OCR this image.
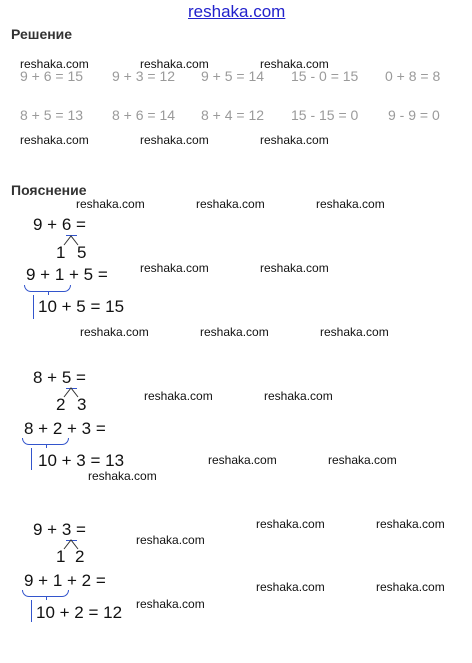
reshaka.com
Решение
reshaka.com	reshaka.com	reshaka.com
9 + 6 = 15 9 + 3 = 12 9 + 5 = 14 15 - 0 = 15 0 + 8 = 8
8 + 5 = 13 8 + 6 = 14 8 + 4 = 12 15 - 15 = 0 9 - 9 = 0
reshaka.com	reshaka.com	reshaka.com
Пояснение
reshaka.com	reshaka.com	reshaka.com
9 + 6 =
1 5
9 + 1 + 5 =
10 + 5 = 15
reshaka.com	reshaka.com
reshaka.com	reshaka.com	reshaka.com
8 + 5 =
2 3
8 + 2 + 3 =
10 + 3 = 13
reshaka.com	reshaka.com
reshaka.com	reshaka.com
reshaka.com
reshaka.com	reshaka.com
9 + 3 =
reshaka.com
1 2
9 + 1 + 2 =	reshaka.com	reshaka.com
10 + 2 = 12 reshaka.com
